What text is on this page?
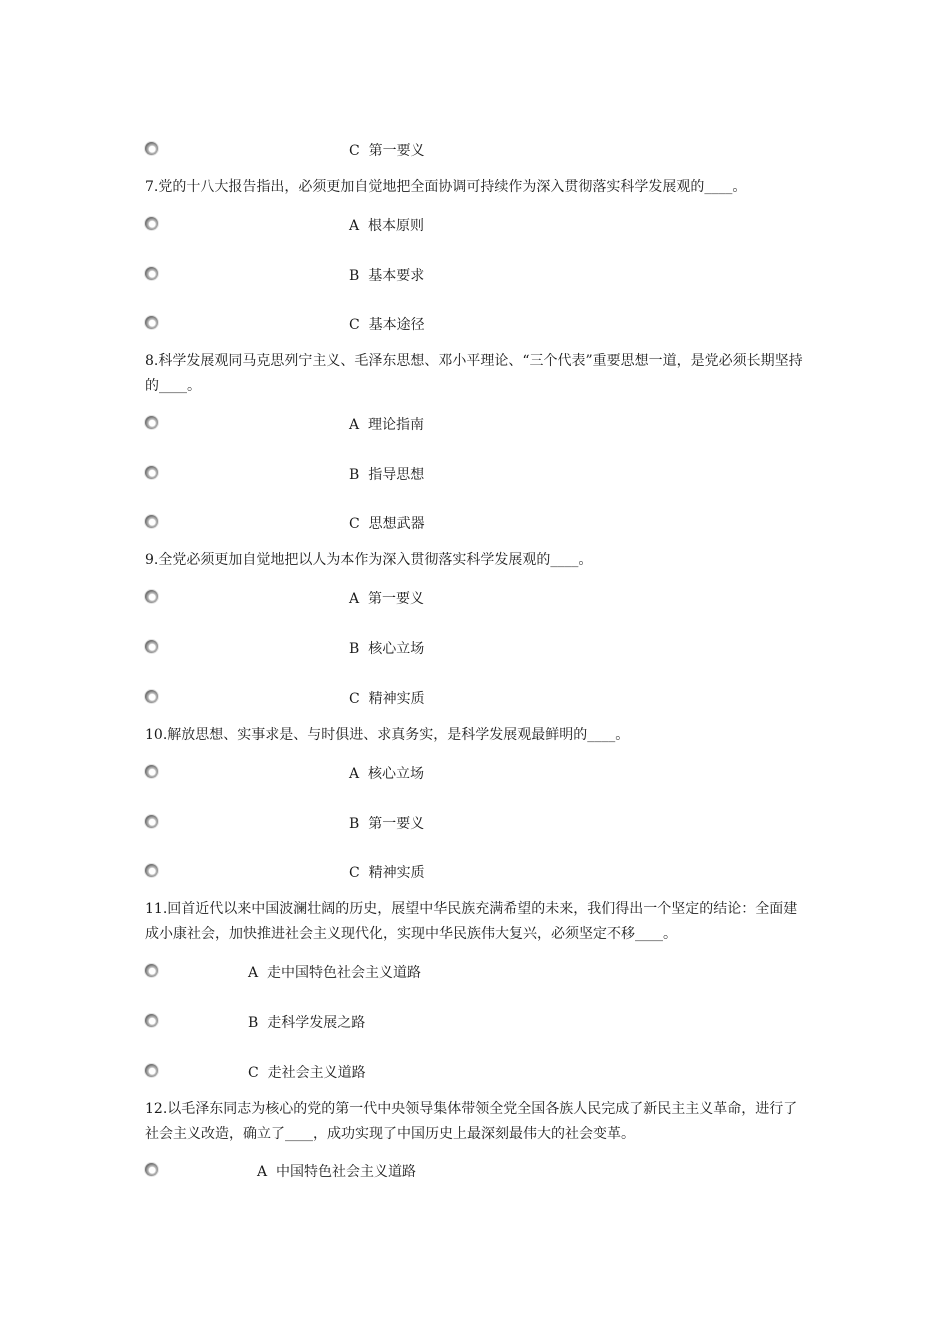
C 第一要义
7.党的十八大报告指出，必须更加自觉地把全面协调可持续作为深入贯彻落实科学发展观的____。
A 根本原则
B 基本要求
C 基本途径
8.科学发展观同马克思列宁主义、毛泽东思想、邓小平理论、“三个代表”重要思想一道，是党必须长期坚持的____。
A 理论指南
B 指导思想
C 思想武器
9.全党必须更加自觉地把以人为本作为深入贯彻落实科学发展观的____。
A 第一要义
B 核心立场
C 精神实质
10.解放思想、实事求是、与时俱进、求真务实，是科学发展观最鲜明的____。
A 核心立场
B 第一要义
C 精神实质
11.回首近代以来中国波澜壮阔的历史，展望中华民族充满希望的未来，我们得出一个坚定的结论：全面建成小康社会，加快推进社会主义现代化，实现中华民族伟大复兴，必须坚定不移____。
A 走中国特色社会主义道路
B 走科学发展之路
C 走社会主义道路
12.以毛泽东同志为核心的党的第一代中央领导集体带领全党全国各族人民完成了新民主主义革命，进行了社会主义改造，确立了____，成功实现了中国历史上最深刻最伟大的社会变革。
A 中国特色社会主义道路
